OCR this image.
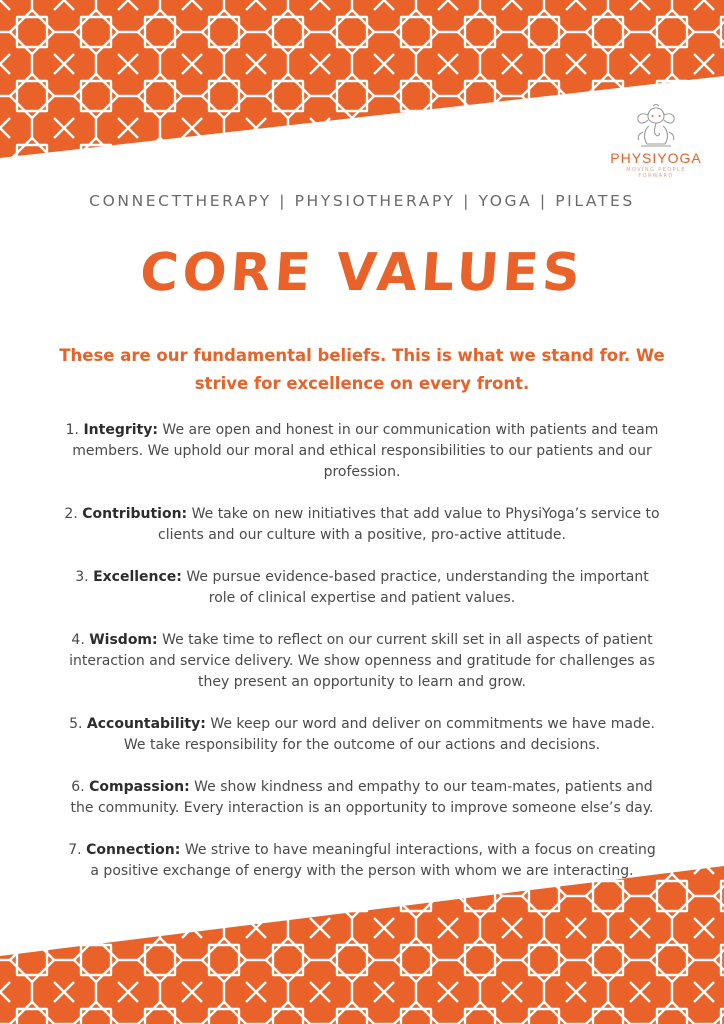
PHYSIYOGA
MOVING PEOPLE FORWARD
CONNECTTHERAPY | PHYSIOTHERAPY | YOGA | PILATES
CORE VALUES
These are our fundamental beliefs. This is what we stand for. We strive for excellence on every front.
1. Integrity: We are open and honest in our communication with patients and team members. We uphold our moral and ethical responsibilities to our patients and our profession.
2. Contribution: We take on new initiatives that add value to PhysiYoga’s service to clients and our culture with a positive, pro-active attitude.
3. Excellence: We pursue evidence-based practice, understanding the important role of clinical expertise and patient values.
4. Wisdom: We take time to reflect on our current skill set in all aspects of patient interaction and service delivery. We show openness and gratitude for challenges as they present an opportunity to learn and grow.
5. Accountability: We keep our word and deliver on commitments we have made. We take responsibility for the outcome of our actions and decisions.
6. Compassion: We show kindness and empathy to our team-mates, patients and the community. Every interaction is an opportunity to improve someone else’s day.
7. Connection: We strive to have meaningful interactions, with a focus on creating a positive exchange of energy with the person with whom we are interacting.
